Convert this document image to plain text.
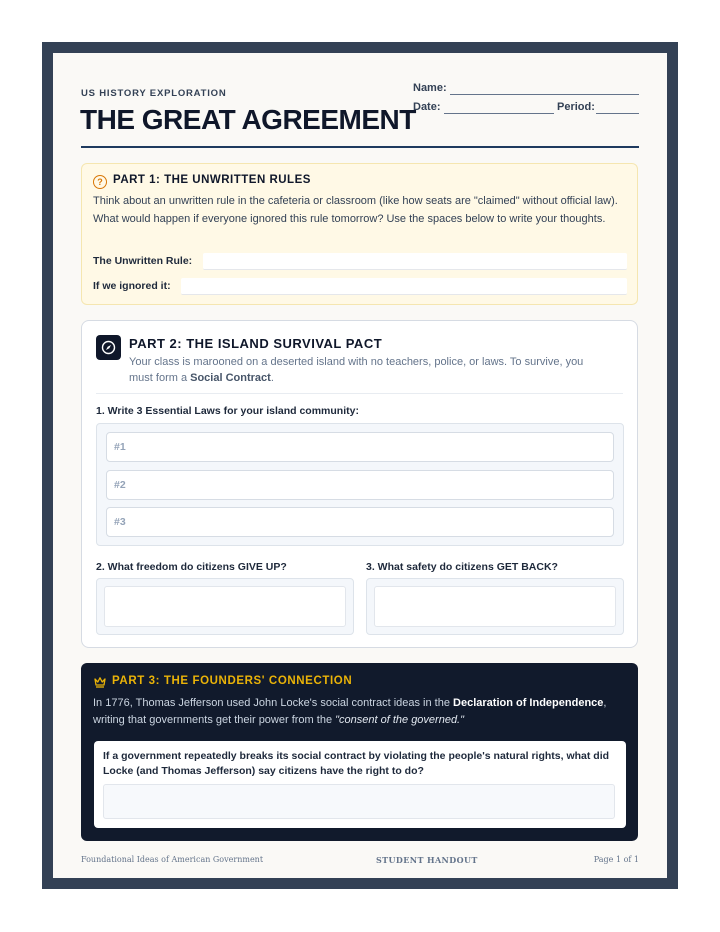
US HISTORY EXPLORATION
THE GREAT AGREEMENT
Name:
Date:	Period:
? PART 1: THE UNWRITTEN RULES
Think about an unwritten rule in the cafeteria or classroom (like how seats are "claimed" without official law). What would happen if everyone ignored this rule tomorrow? Use the spaces below to write your thoughts.
The Unwritten Rule:
If we ignored it:
PART 2: THE ISLAND SURVIVAL PACT
Your class is marooned on a deserted island with no teachers, police, or laws. To survive, you must form a Social Contract.
1. Write 3 Essential Laws for your island community:
#1
#2
#3
2. What freedom do citizens GIVE UP?	3. What safety do citizens GET BACK?
PART 3: THE FOUNDERS' CONNECTION
In 1776, Thomas Jefferson used John Locke's social contract ideas in the Declaration of Independence, writing that governments get their power from the "consent of the governed."
If a government repeatedly breaks its social contract by violating the people's natural rights, what did Locke (and Thomas Jefferson) say citizens have the right to do?
Foundational Ideas of American Government	STUDENT HANDOUT	Page 1 of 1
